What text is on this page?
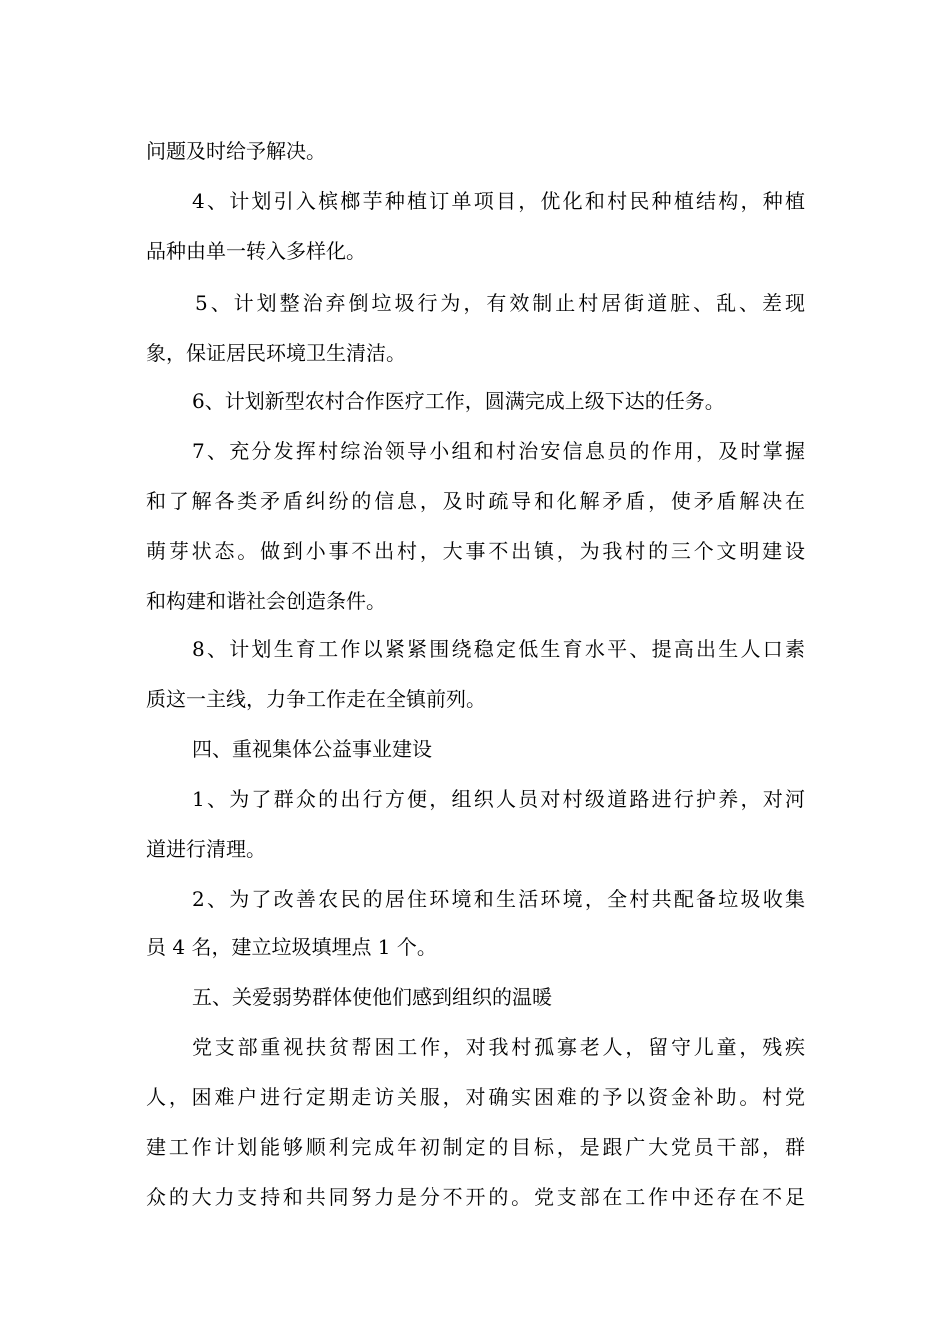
问题及时给予解决。
4、计划引入槟榔芋种植订单项目，优化和村民种植结构，种植
品种由单一转入多样化。
5、计划整治弃倒垃圾行为，有效制止村居街道脏、乱、差现
象，保证居民环境卫生清洁。
6、计划新型农村合作医疗工作，圆满完成上级下达的任务。
7、充分发挥村综治领导小组和村治安信息员的作用，及时掌握
和了解各类矛盾纠纷的信息，及时疏导和化解矛盾，使矛盾解决在
萌芽状态。做到小事不出村，大事不出镇，为我村的三个文明建设
和构建和谐社会创造条件。
8、计划生育工作以紧紧围绕稳定低生育水平、提高出生人口素
质这一主线，力争工作走在全镇前列。
四、重视集体公益事业建设
1、为了群众的出行方便，组织人员对村级道路进行护养，对河
道进行清理。
2、为了改善农民的居住环境和生活环境，全村共配备垃圾收集
员 4 名，建立垃圾填埋点 1 个。
五、关爱弱势群体使他们感到组织的温暖
党支部重视扶贫帮困工作，对我村孤寡老人，留守儿童，残疾
人，困难户进行定期走访关服，对确实困难的予以资金补助。村党
建工作计划能够顺利完成年初制定的目标，是跟广大党员干部，群
众的大力支持和共同努力是分不开的。党支部在工作中还存在不足
